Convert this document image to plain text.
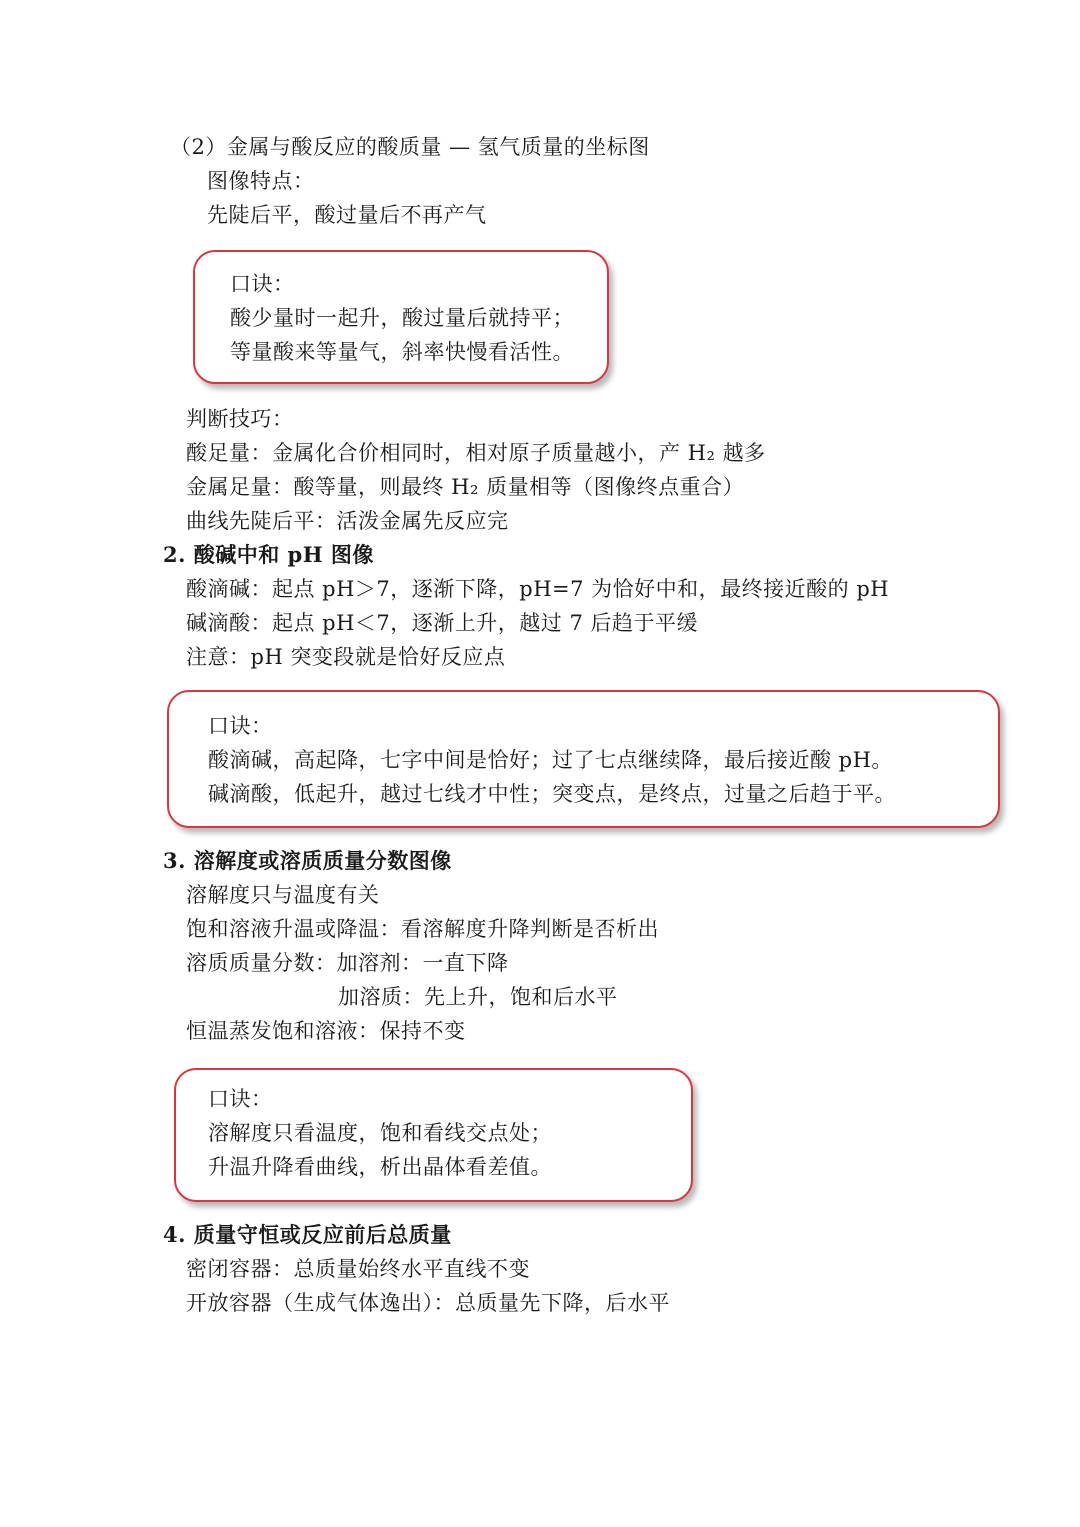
（2）金属与酸反应的酸质量 — 氢气质量的坐标图
图像特点：
先陡后平，酸过量后不再产气
口诀：
酸少量时一起升，酸过量后就持平；
等量酸来等量气，斜率快慢看活性。
判断技巧：
酸足量：金属化合价相同时，相对原子质量越小，产 H₂ 越多
金属足量：酸等量，则最终 H₂ 质量相等（图像终点重合）
曲线先陡后平：活泼金属先反应完
2. 酸碱中和 pH 图像
酸滴碱：起点 pH＞7，逐渐下降，pH=7 为恰好中和，最终接近酸的 pH
碱滴酸：起点 pH＜7，逐渐上升，越过 7 后趋于平缓
注意：pH 突变段就是恰好反应点
口诀：
酸滴碱，高起降，七字中间是恰好；过了七点继续降，最后接近酸 pH。
碱滴酸，低起升，越过七线才中性；突变点，是终点，过量之后趋于平。
3. 溶解度或溶质质量分数图像
溶解度只与温度有关
饱和溶液升温或降温：看溶解度升降判断是否析出
溶质质量分数：加溶剂：一直下降
加溶质：先上升，饱和后水平
恒温蒸发饱和溶液：保持不变
口诀：
溶解度只看温度，饱和看线交点处；
升温升降看曲线，析出晶体看差值。
4. 质量守恒或反应前后总质量
密闭容器：总质量始终水平直线不变
开放容器（生成气体逸出）：总质量先下降，后水平
